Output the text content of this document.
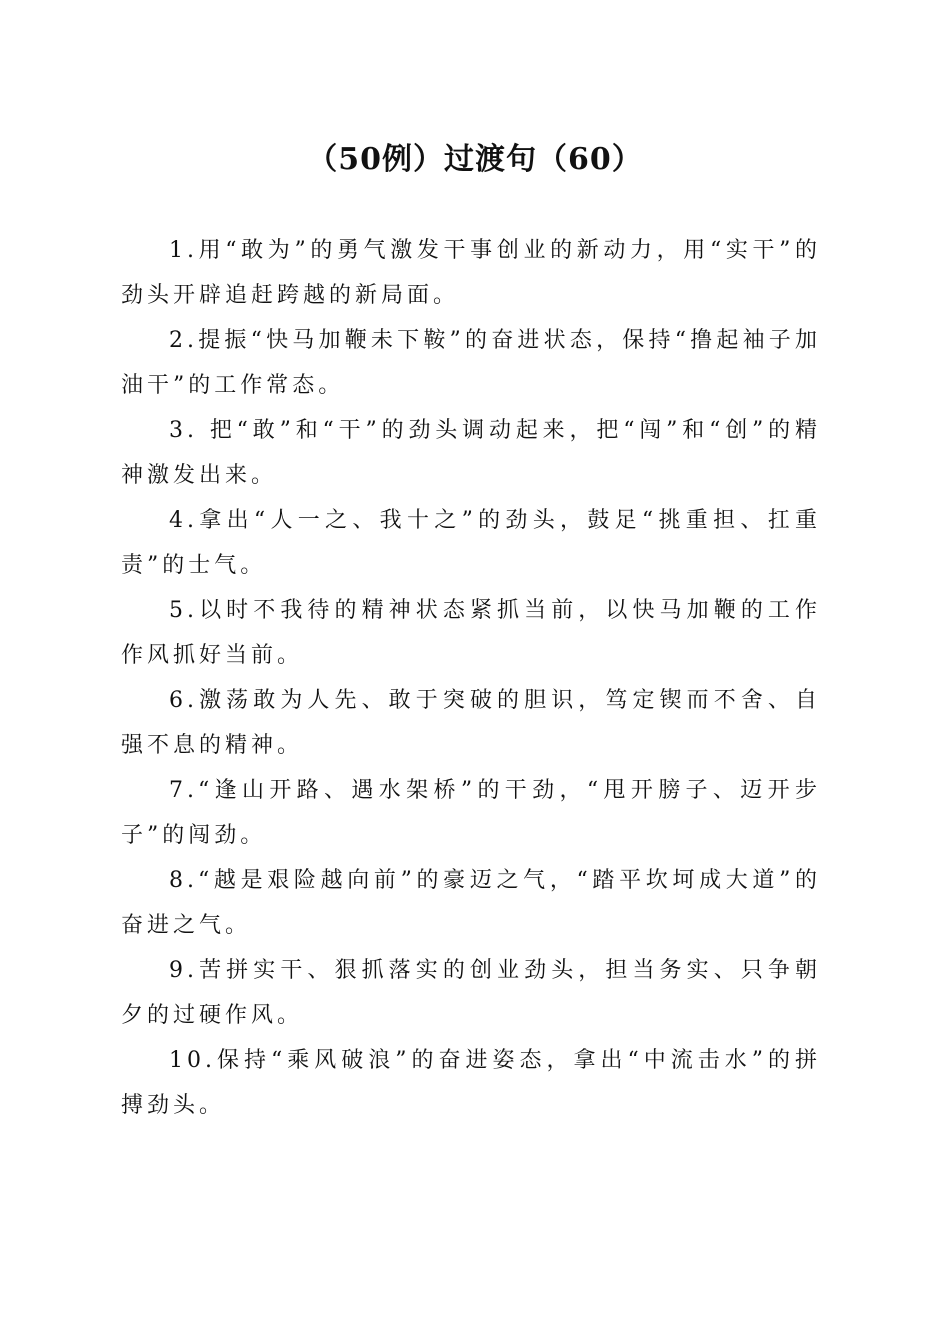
（50例）过渡句（60）

1.用“敢为”的勇气激发干事创业的新动力，用“实干”的劲头开辟追赶跨越的新局面。

2.提振“快马加鞭未下鞍”的奋进状态，保持“撸起袖子加油干”的工作常态。

3. 把“敢”和“干”的劲头调动起来，把“闯”和“创”的精神激发出来。

4.拿出“人一之、我十之”的劲头，鼓足“挑重担、扛重责”的士气。

5.以时不我待的精神状态紧抓当前，以快马加鞭的工作作风抓好当前。

6.激荡敢为人先、敢于突破的胆识，笃定锲而不舍、自强不息的精神。

7.“逢山开路、遇水架桥”的干劲，“甩开膀子、迈开步子”的闯劲。

8.“越是艰险越向前”的豪迈之气，“踏平坎坷成大道”的奋进之气。

9.苦拼实干、狠抓落实的创业劲头，担当务实、只争朝夕的过硬作风。

10.保持“乘风破浪”的奋进姿态，拿出“中流击水”的拼搏劲头。
